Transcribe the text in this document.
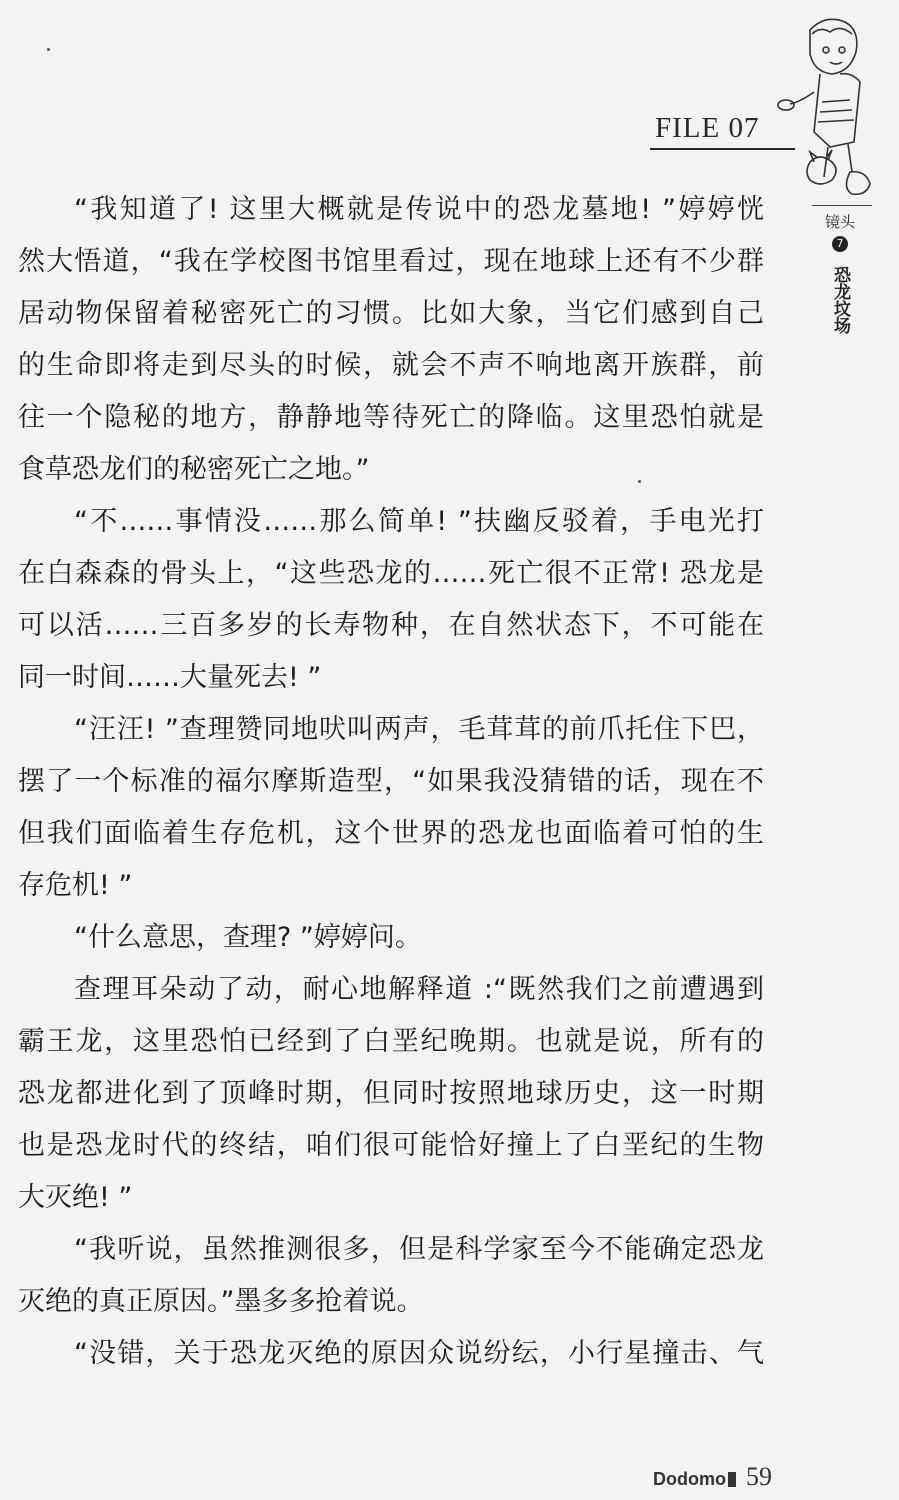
FILE 07
镜头
7
恐龙坟场
“我知道了! 这里大概就是传说中的恐龙墓地! ”婷婷恍
然大悟道，“我在学校图书馆里看过，现在地球上还有不少群
居动物保留着秘密死亡的习惯。比如大象，当它们感到自己
的生命即将走到尽头的时候，就会不声不响地离开族群，前
往一个隐秘的地方，静静地等待死亡的降临。这里恐怕就是
食草恐龙们的秘密死亡之地。”
“不……事情没……那么简单! ”扶幽反驳着，手电光打
在白森森的骨头上，“这些恐龙的……死亡很不正常! 恐龙是
可以活……三百多岁的长寿物种，在自然状态下，不可能在
同一时间……大量死去! ”
“汪汪! ”查理赞同地吠叫两声，毛茸茸的前爪托住下巴，
摆了一个标准的福尔摩斯造型，“如果我没猜错的话，现在不
但我们面临着生存危机，这个世界的恐龙也面临着可怕的生
存危机! ”
“什么意思，查理? ”婷婷问。
查理耳朵动了动，耐心地解释道 :“既然我们之前遭遇到
霸王龙，这里恐怕已经到了白垩纪晚期。也就是说，所有的
恐龙都进化到了顶峰时期，但同时按照地球历史，这一时期
也是恐龙时代的终结，咱们很可能恰好撞上了白垩纪的生物
大灭绝! ”
“我听说，虽然推测很多，但是科学家至今不能确定恐龙
灭绝的真正原因。”墨多多抢着说。
“没错，关于恐龙灭绝的原因众说纷纭，小行星撞击、气
Dodomo 59
